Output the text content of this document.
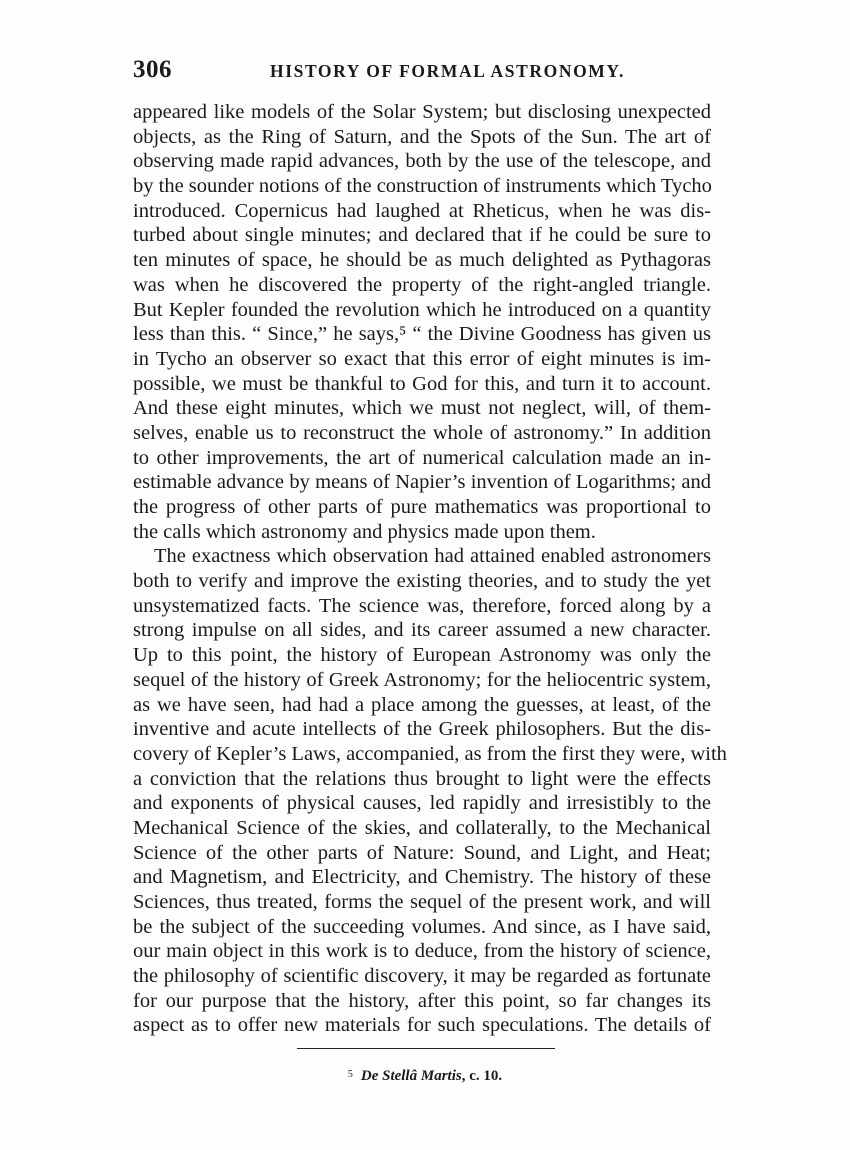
306	HISTORY OF FORMAL ASTRONOMY.
appeared like models of the Solar System; but disclosing unexpected
objects, as the Ring of Saturn, and the Spots of the Sun. The art of
observing made rapid advances, both by the use of the telescope, and
by the sounder notions of the construction of instruments which Tycho
introduced. Copernicus had laughed at Rheticus, when he was dis-
turbed about single minutes; and declared that if he could be sure to
ten minutes of space, he should be as much delighted as Pythagoras
was when he discovered the property of the right-angled triangle.
But Kepler founded the revolution which he introduced on a quantity
less than this. “ Since,” he says,⁵ “ the Divine Goodness has given us
in Tycho an observer so exact that this error of eight minutes is im-
possible, we must be thankful to God for this, and turn it to account.
And these eight minutes, which we must not neglect, will, of them-
selves, enable us to reconstruct the whole of astronomy.” In addition
to other improvements, the art of numerical calculation made an in-
estimable advance by means of Napier’s invention of Logarithms; and
the progress of other parts of pure mathematics was proportional to
the calls which astronomy and physics made upon them.
The exactness which observation had attained enabled astronomers
both to verify and improve the existing theories, and to study the yet
unsystematized facts. The science was, therefore, forced along by a
strong impulse on all sides, and its career assumed a new character.
Up to this point, the history of European Astronomy was only the
sequel of the history of Greek Astronomy; for the heliocentric system,
as we have seen, had had a place among the guesses, at least, of the
inventive and acute intellects of the Greek philosophers. But the dis-
covery of Kepler’s Laws, accompanied, as from the first they were, with
a conviction that the relations thus brought to light were the effects
and exponents of physical causes, led rapidly and irresistibly to the
Mechanical Science of the skies, and collaterally, to the Mechanical
Science of the other parts of Nature: Sound, and Light, and Heat;
and Magnetism, and Electricity, and Chemistry. The history of these
Sciences, thus treated, forms the sequel of the present work, and will
be the subject of the succeeding volumes. And since, as I have said,
our main object in this work is to deduce, from the history of science,
the philosophy of scientific discovery, it may be regarded as fortunate
for our purpose that the history, after this point, so far changes its
aspect as to offer new materials for such speculations. The details of
$^5$ De Stellâ Martis, c. 10.
